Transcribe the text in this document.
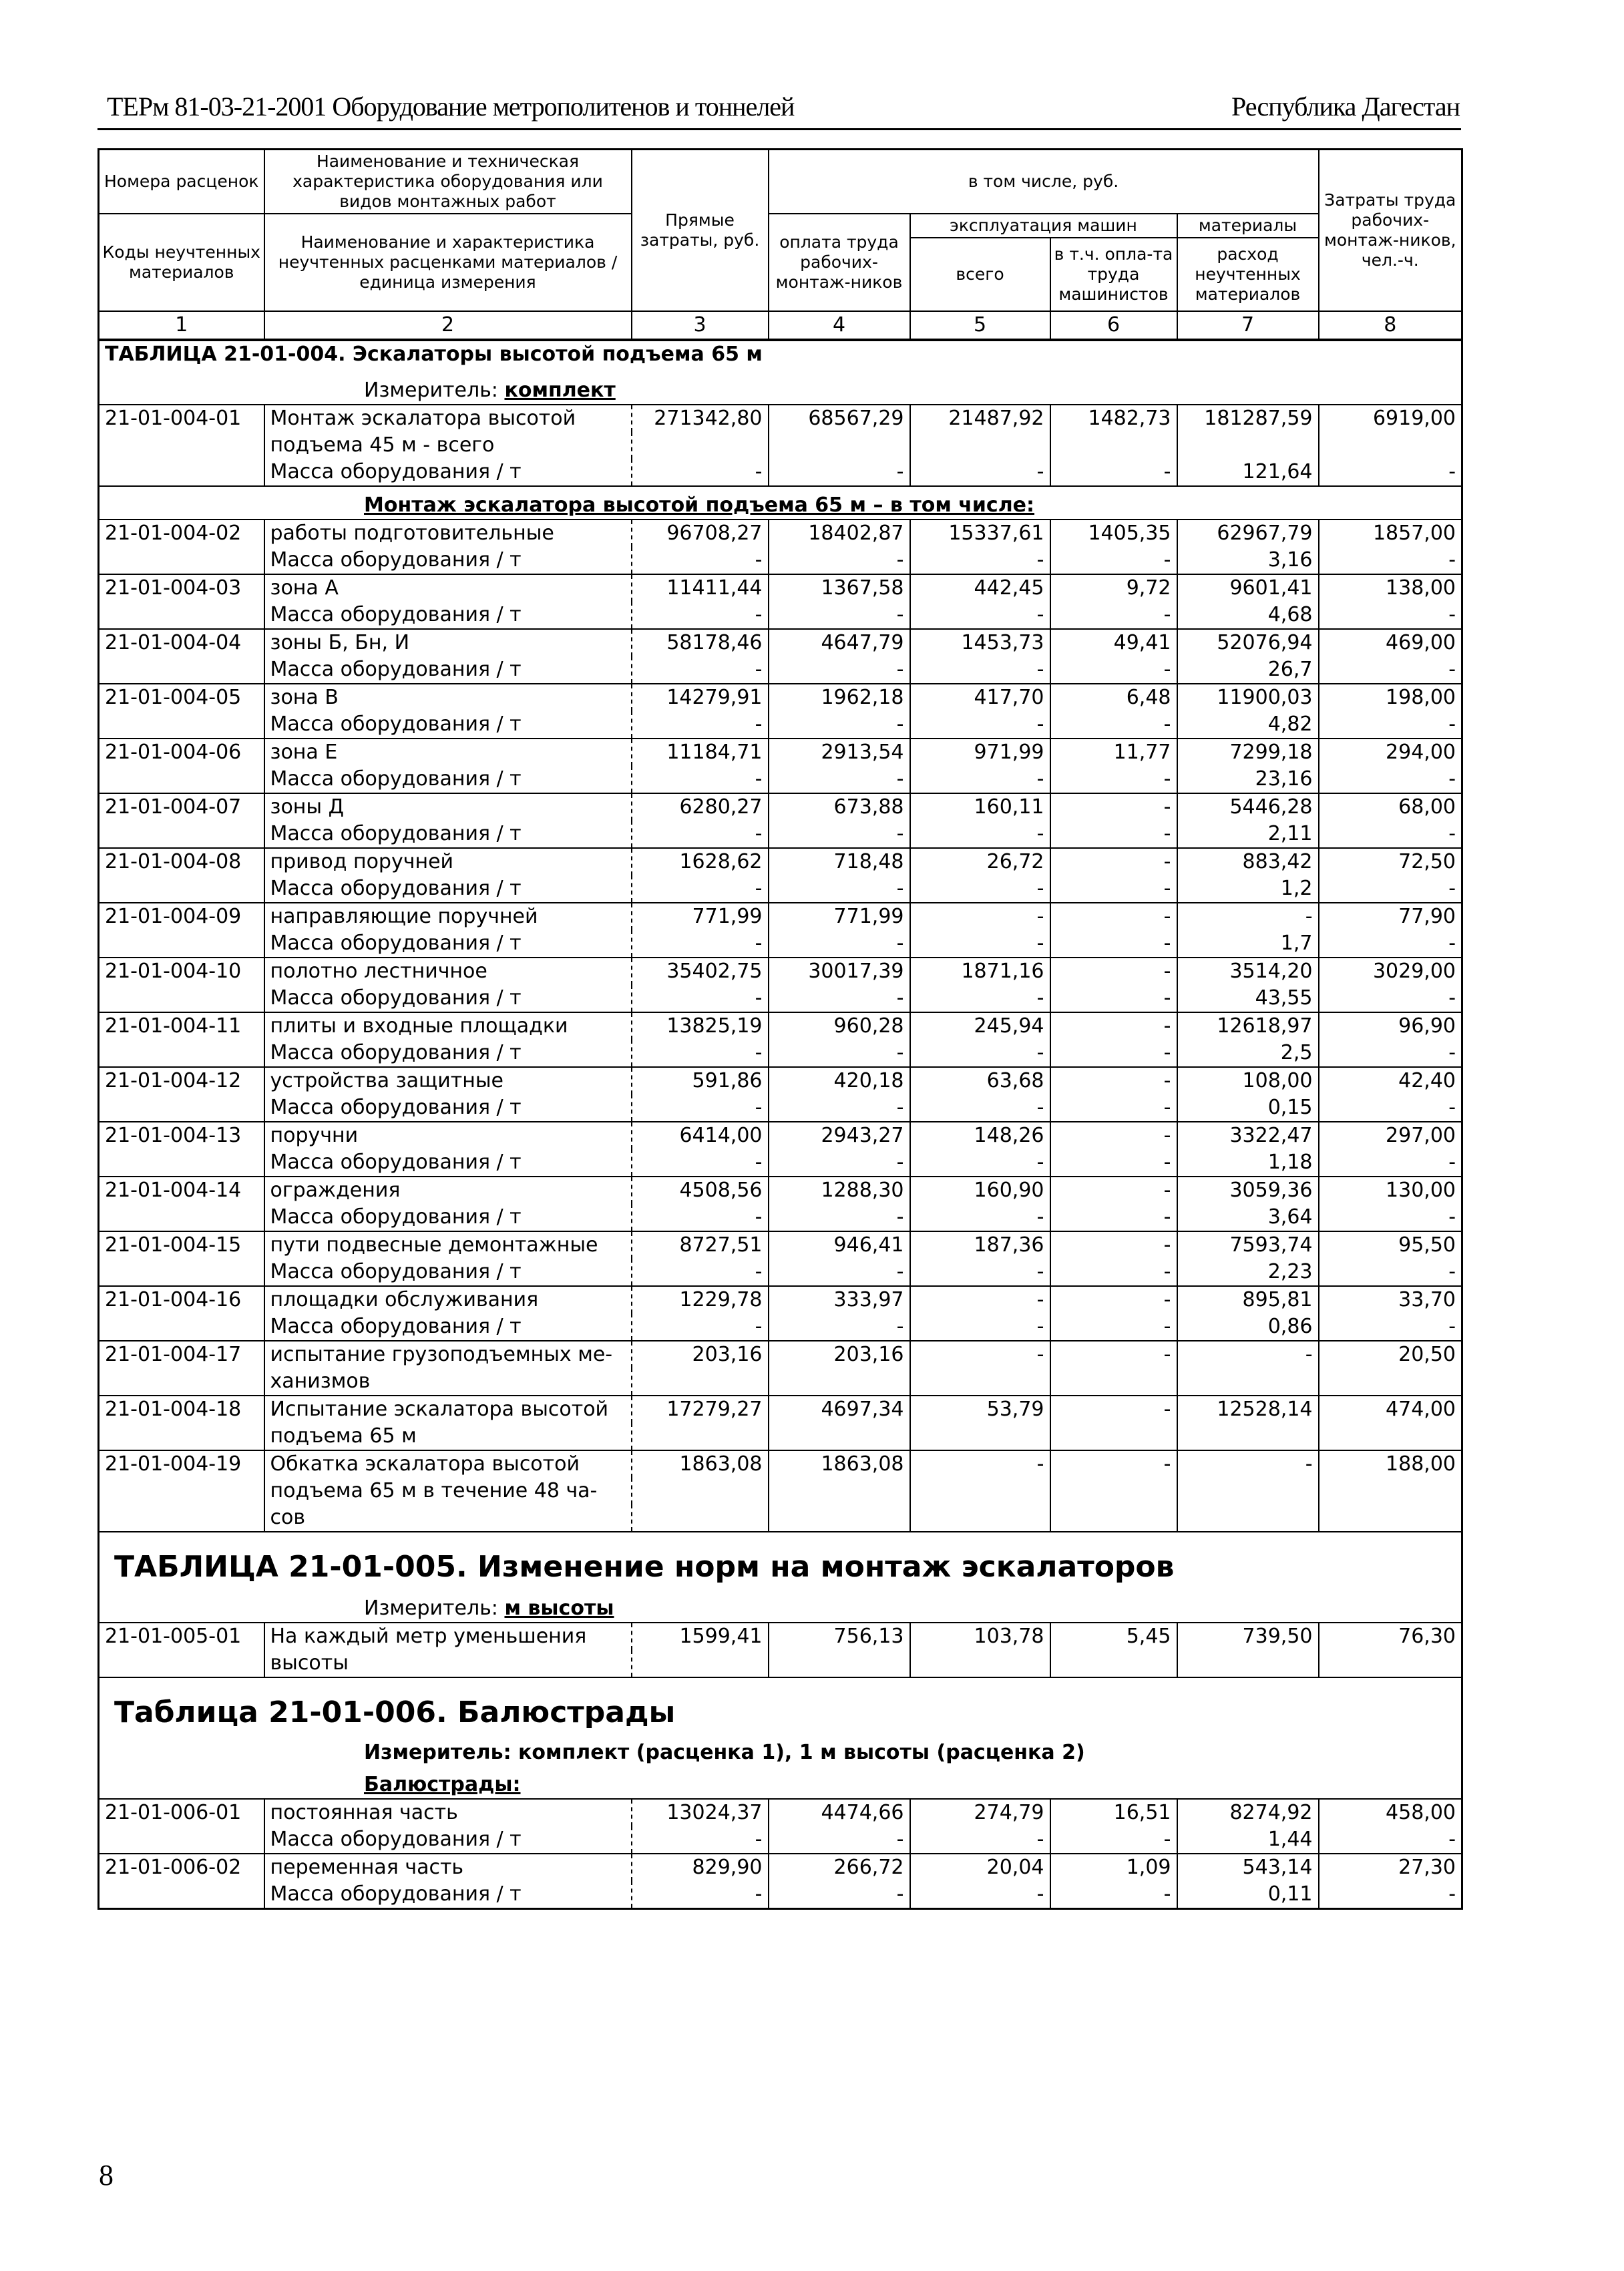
ТЕРм 81-03-21-2001 Оборудование метрополитенов и тоннелей	Республика Дагестан
Номера расценок	Наименование и техническая характеристика оборудования или видов монтажных работ	Прямые затраты, руб.	в том числе, руб.				Затраты труда рабочих-монтаж-ников,
чел.-ч.
Коды неучтенных материалов	Наименование и характеристика неучтенных расценками материалов / единица измерения		оплата труда рабочих-монтаж-ников	эксплуатация машин		материалы	
				всего	в т.ч. опла-та труда машинистов	расход неучтенных материалов	
1	2	3	4	5	6	7	8
ТАБЛИЦА 21-01-004. Эскалаторы высотой подъема 65 м							
Измеритель: комплект							
21-01-004-01	Монтаж эскалатора высотой	271342,80	68567,29	21487,92	1482,73	181287,59	6919,00
	подъема 45 м - всего						
	Масса оборудования / т	-	-	-	-	121,64	-
Монтаж эскалатора высотой подъема 65 м – в том числе:							
21-01-004-02	работы подготовительные	96708,27	18402,87	15337,61	1405,35	62967,79	1857,00
	Масса оборудования / т	-	-	-	-	3,16	-
21-01-004-03	зона А	11411,44	1367,58	442,45	9,72	9601,41	138,00
	Масса оборудования / т	-	-	-	-	4,68	-
21-01-004-04	зоны Б, Бн, И	58178,46	4647,79	1453,73	49,41	52076,94	469,00
	Масса оборудования / т	-	-	-	-	26,7	-
21-01-004-05	зона В	14279,91	1962,18	417,70	6,48	11900,03	198,00
	Масса оборудования / т	-	-	-	-	4,82	-
21-01-004-06	зона Е	11184,71	2913,54	971,99	11,77	7299,18	294,00
	Масса оборудования / т	-	-	-	-	23,16	-
21-01-004-07	зоны Д	6280,27	673,88	160,11	-	5446,28	68,00
	Масса оборудования / т	-	-	-	-	2,11	-
21-01-004-08	привод поручней	1628,62	718,48	26,72	-	883,42	72,50
	Масса оборудования / т	-	-	-	-	1,2	-
21-01-004-09	направляющие поручней	771,99	771,99	-	-	-	77,90
	Масса оборудования / т	-	-	-	-	1,7	-
21-01-004-10	полотно лестничное	35402,75	30017,39	1871,16	-	3514,20	3029,00
	Масса оборудования / т	-	-	-	-	43,55	-
21-01-004-11	плиты и входные площадки	13825,19	960,28	245,94	-	12618,97	96,90
	Масса оборудования / т	-	-	-	-	2,5	-
21-01-004-12	устройства защитные	591,86	420,18	63,68	-	108,00	42,40
	Масса оборудования / т	-	-	-	-	0,15	-
21-01-004-13	поручни	6414,00	2943,27	148,26	-	3322,47	297,00
	Масса оборудования / т	-	-	-	-	1,18	-
21-01-004-14	ограждения	4508,56	1288,30	160,90	-	3059,36	130,00
	Масса оборудования / т	-	-	-	-	3,64	-
21-01-004-15	пути подвесные демонтажные	8727,51	946,41	187,36	-	7593,74	95,50
	Масса оборудования / т	-	-	-	-	2,23	-
21-01-004-16	площадки обслуживания	1229,78	333,97	-	-	895,81	33,70
	Масса оборудования / т	-	-	-	-	0,86	-
21-01-004-17	испытание грузоподъемных ме-	203,16	203,16	-	-	-	20,50
	ханизмов						
21-01-004-18	Испытание эскалатора высотой	17279,27	4697,34	53,79	-	12528,14	474,00
	подъема 65 м						
21-01-004-19	Обкатка эскалатора высотой	1863,08	1863,08	-	-	-	188,00
	подъема 65 м в течение 48 ча-						
	сов						
ТАБЛИЦА 21-01-005. Изменение норм на монтаж эскалаторов							
Измеритель: м высоты							
21-01-005-01	На каждый метр уменьшения	1599,41	756,13	103,78	5,45	739,50	76,30
	высоты						
Таблица 21-01-006. Балюстрады							
Измеритель: комплект (расценка 1), 1 м высоты (расценка 2)							
Балюстрады:							
21-01-006-01	постоянная часть	13024,37	4474,66	274,79	16,51	8274,92	458,00
	Масса оборудования / т	-	-	-	-	1,44	-
21-01-006-02	переменная часть	829,90	266,72	20,04	1,09	543,14	27,30
	Масса оборудования / т	-	-	-	-	0,11	-
8
